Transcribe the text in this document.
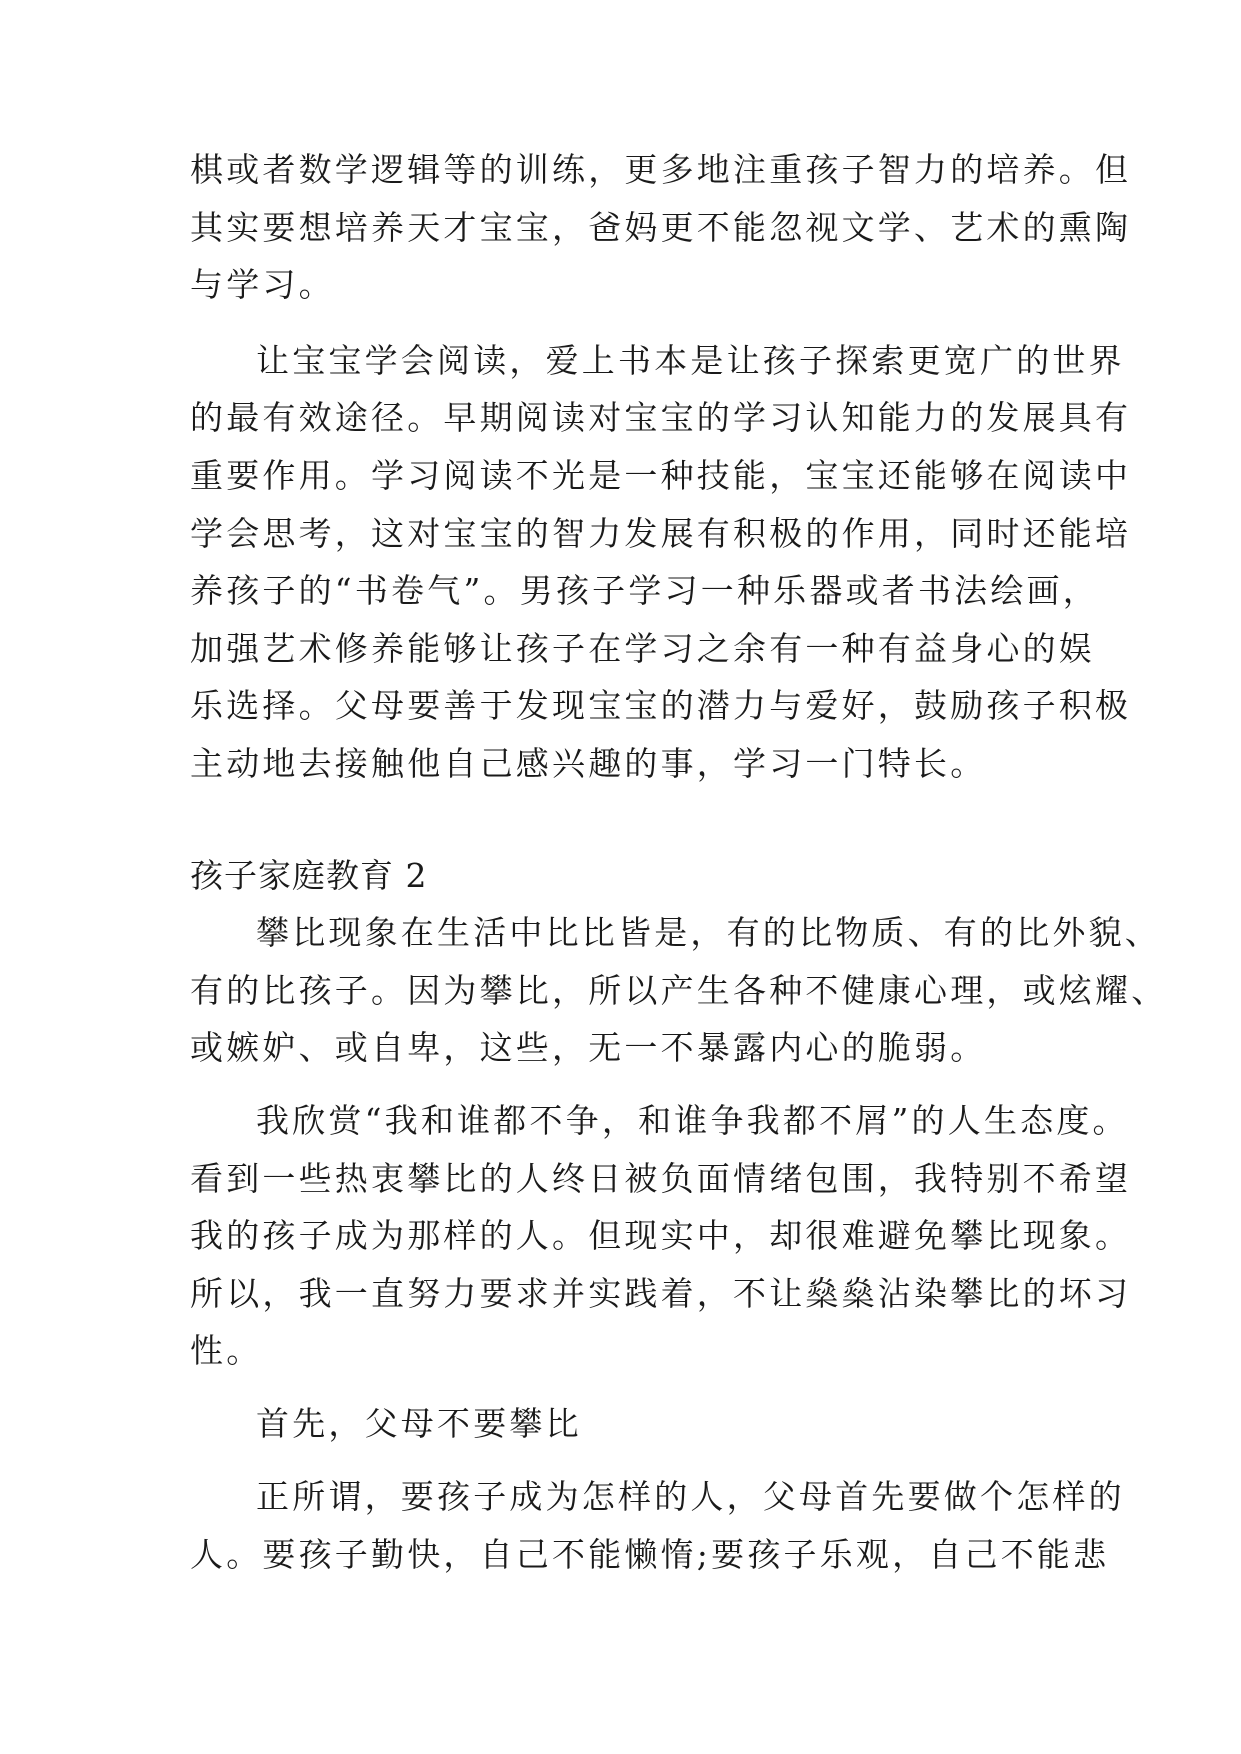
棋或者数学逻辑等的训练，更多地注重孩子智力的培养。但
其实要想培养天才宝宝，爸妈更不能忽视文学、艺术的熏陶
与学习。
让宝宝学会阅读，爱上书本是让孩子探索更宽广的世界
的最有效途径。早期阅读对宝宝的学习认知能力的发展具有
重要作用。学习阅读不光是一种技能，宝宝还能够在阅读中
学会思考，这对宝宝的智力发展有积极的作用，同时还能培
养孩子的“书卷气”。男孩子学习一种乐器或者书法绘画，
加强艺术修养能够让孩子在学习之余有一种有益身心的娱
乐选择。父母要善于发现宝宝的潜力与爱好，鼓励孩子积极
主动地去接触他自己感兴趣的事，学习一门特长。
孩子家庭教育 2
攀比现象在生活中比比皆是，有的比物质、有的比外貌、
有的比孩子。因为攀比，所以产生各种不健康心理，或炫耀、
或嫉妒、或自卑，这些，无一不暴露内心的脆弱。
我欣赏“我和谁都不争，和谁争我都不屑”的人生态度。
看到一些热衷攀比的人终日被负面情绪包围，我特别不希望
我的孩子成为那样的人。但现实中，却很难避免攀比现象。
所以，我一直努力要求并实践着，不让燊燊沾染攀比的坏习
性。
首先，父母不要攀比
正所谓，要孩子成为怎样的人，父母首先要做个怎样的
人。要孩子勤快，自己不能懒惰;要孩子乐观，自己不能悲
